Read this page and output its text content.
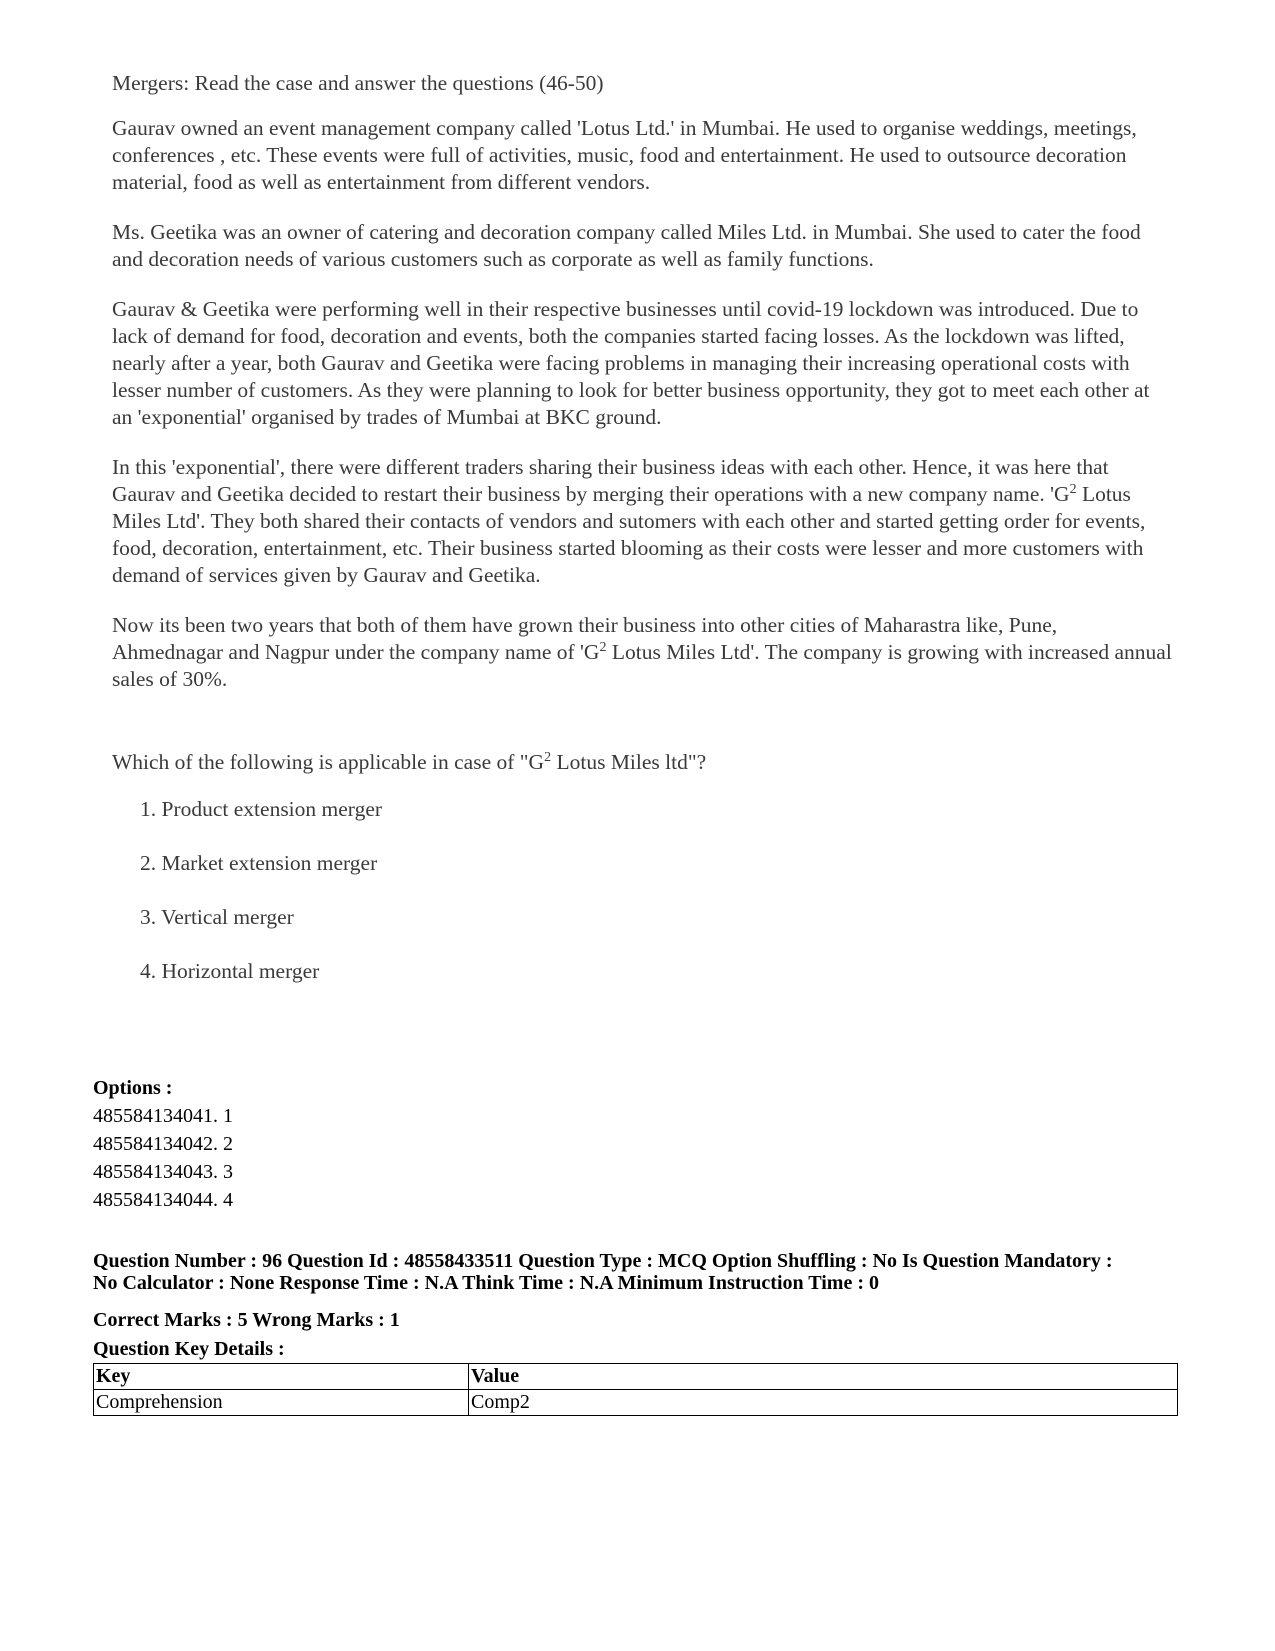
Mergers: Read the case and answer the questions (46-50)

Gaurav owned an event management company called 'Lotus Ltd.' in Mumbai. He used to organise weddings, meetings, conferences , etc. These events were full of activities, music, food and entertainment. He used to outsource decoration material, food as well as entertainment from different vendors.

Ms. Geetika was an owner of catering and decoration company called Miles Ltd. in Mumbai. She used to cater the food and decoration needs of various customers such as corporate as well as family functions.

Gaurav & Geetika were performing well in their respective businesses until covid-19 lockdown was introduced. Due to lack of demand for food, decoration and events, both the companies started facing losses. As the lockdown was lifted, nearly after a year, both Gaurav and Geetika were facing problems in managing their increasing operational costs with lesser number of customers. As they were planning to look for better business opportunity, they got to meet each other at an 'exponential' organised by trades of Mumbai at BKC ground.

In this 'exponential', there were different traders sharing their business ideas with each other. Hence, it was here that Gaurav and Geetika decided to restart their business by merging their operations with a new company name. '$G^2$ Lotus Miles Ltd'. They both shared their contacts of vendors and sutomers with each other and started getting order for events, food, decoration, entertainment, etc. Their business started blooming as their costs were lesser and more customers with demand of services given by Gaurav and Geetika.

Now its been two years that both of them have grown their business into other cities of Maharastra like, Pune, Ahmednagar and Nagpur under the company name of '$G^2$ Lotus Miles Ltd'. The company is growing with increased annual sales of 30%.

Which of the following is applicable in case of "$G^2$ Lotus Miles ltd"?
1. Product extension merger
2. Market extension merger
3. Vertical merger
4. Horizontal merger
Options :
485584134041. 1
485584134042. 2
485584134043. 3
485584134044. 4
Question Number : 96 Question Id : 48558433511 Question Type : MCQ Option Shuffling : No Is Question Mandatory :
No Calculator : None Response Time : N.A Think Time : N.A Minimum Instruction Time : 0
Correct Marks : 5 Wrong Marks : 1
Question Key Details :
Key	Value
Comprehension	Comp2
